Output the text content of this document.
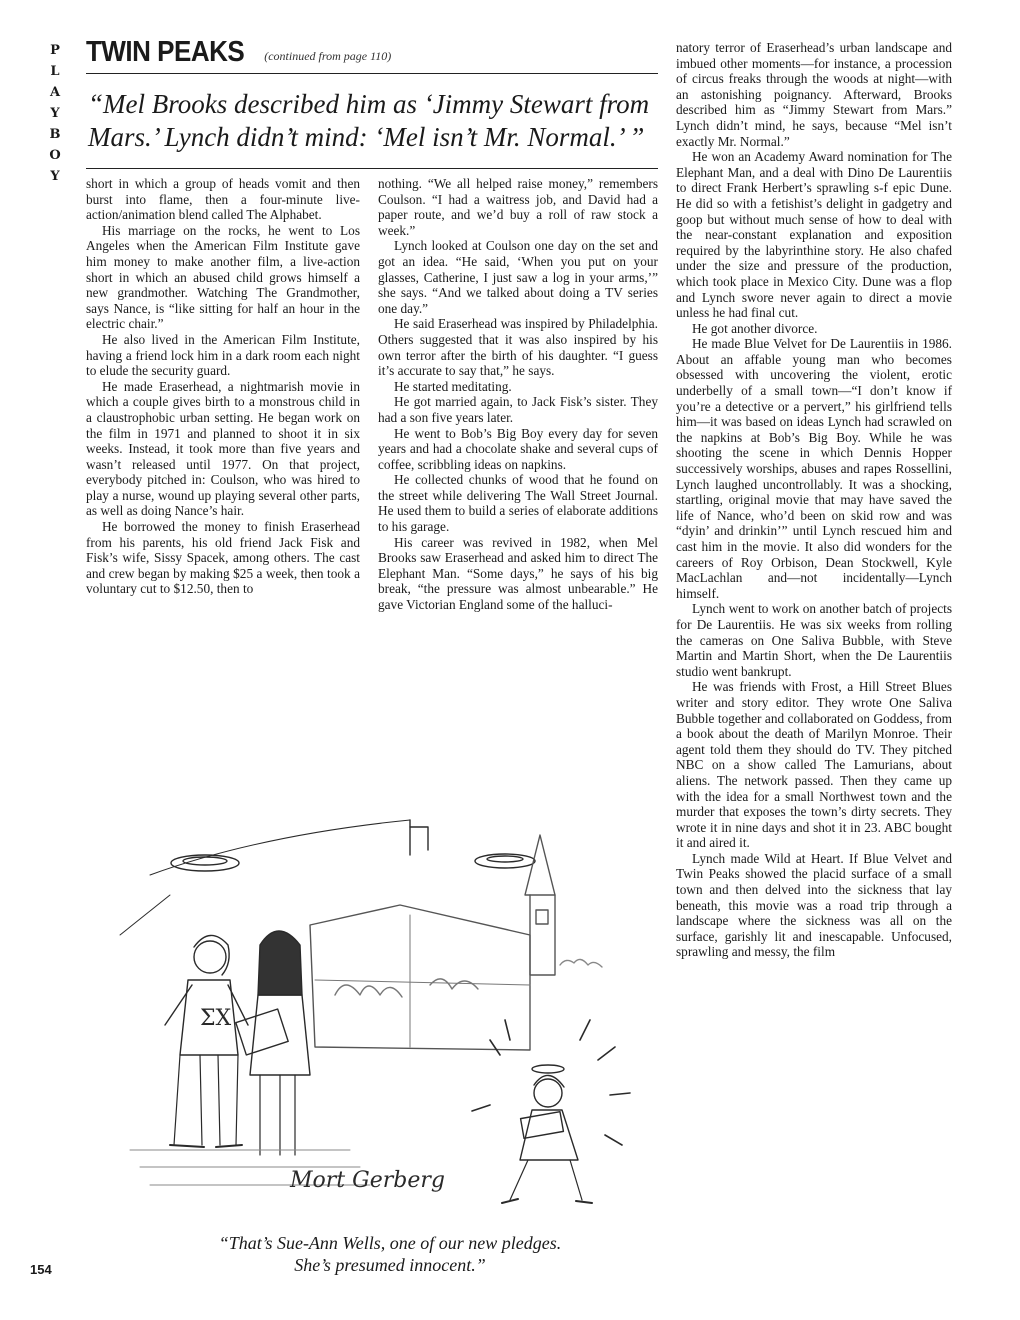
P
L
A
Y
B
O
Y
154
TWIN PEAKS (continued from page 110)
“Mel Brooks described him as ‘Jimmy Stewart from Mars.’ Lynch didn’t mind: ‘Mel isn’t Mr. Normal.’ ”

short in which a group of heads vomit and then burst into flame, then a four-minute live-action/animation blend called The Alphabet.

His marriage on the rocks, he went to Los Angeles when the American Film Institute gave him money to make another film, a live-action short in which an abused child grows himself a new grandmother. Watching The Grandmother, says Nance, is “like sitting for half an hour in the electric chair.”

He also lived in the American Film Institute, having a friend lock him in a dark room each night to elude the security guard.

He made Eraserhead, a nightmarish movie in which a couple gives birth to a monstrous child in a claustrophobic urban setting. He began work on the film in 1971 and planned to shoot it in six weeks. Instead, it took more than five years and wasn’t released until 1977. On that project, everybody pitched in: Coulson, who was hired to play a nurse, wound up playing several other parts, as well as doing Nance’s hair.

He borrowed the money to finish Eraserhead from his parents, his old friend Jack Fisk and Fisk’s wife, Sissy Spacek, among others. The cast and crew began by making $25 a week, then took a voluntary cut to $12.50, then to

nothing. “We all helped raise money,” remembers Coulson. “I had a waitress job, and David had a paper route, and we’d buy a roll of raw stock a week.”

Lynch looked at Coulson one day on the set and got an idea. “He said, ‘When you put on your glasses, Catherine, I just saw a log in your arms,’” she says. “And we talked about doing a TV series one day.”

He said Eraserhead was inspired by Philadelphia. Others suggested that it was also inspired by his own terror after the birth of his daughter. “I guess it’s accurate to say that,” he says.

He started meditating.

He got married again, to Jack Fisk’s sister. They had a son five years later.

He went to Bob’s Big Boy every day for seven years and had a chocolate shake and several cups of coffee, scribbling ideas on napkins.

He collected chunks of wood that he found on the street while delivering The Wall Street Journal. He used them to build a series of elaborate additions to his garage.

His career was revived in 1982, when Mel Brooks saw Eraserhead and asked him to direct The Elephant Man. “Some days,” he says of his big break, “the pressure was almost unbearable.” He gave Victorian England some of the halluci-

natory terror of Eraserhead’s urban landscape and imbued other moments—for instance, a procession of circus freaks through the woods at night—with an astonishing poignancy. Afterward, Brooks described him as “Jimmy Stewart from Mars.” Lynch didn’t mind, he says, because “Mel isn’t exactly Mr. Normal.”

He won an Academy Award nomination for The Elephant Man, and a deal with Dino De Laurentiis to direct Frank Herbert’s sprawling s-f epic Dune. He did so with a fetishist’s delight in gadgetry and goop but without much sense of how to deal with the near-constant explanation and exposition required by the labyrinthine story. He also chafed under the size and pressure of the production, which took place in Mexico City. Dune was a flop and Lynch swore never again to direct a movie unless he had final cut.

He got another divorce.

He made Blue Velvet for De Laurentiis in 1986. About an affable young man who becomes obsessed with uncovering the violent, erotic underbelly of a small town—“I don’t know if you’re a detective or a pervert,” his girlfriend tells him—it was based on ideas Lynch had scrawled on the napkins at Bob’s Big Boy. While he was shooting the scene in which Dennis Hopper successively worships, abuses and rapes Rossellini, Lynch laughed uncontrollably. It was a shocking, startling, original movie that may have saved the life of Nance, who’d been on skid row and was “dyin’ and drinkin’” until Lynch rescued him and cast him in the movie. It also did wonders for the careers of Roy Orbison, Dean Stockwell, Kyle MacLachlan and—not incidentally—Lynch himself.

Lynch went to work on another batch of projects for De Laurentiis. He was six weeks from rolling the cameras on One Saliva Bubble, with Steve Martin and Martin Short, when the De Laurentiis studio went bankrupt.

He was friends with Frost, a Hill Street Blues writer and story editor. They wrote One Saliva Bubble together and collaborated on Goddess, from a book about the death of Marilyn Monroe. Their agent told them they should do TV. They pitched NBC on a show called The Lamurians, about aliens. The network passed. Then they came up with the idea for a small Northwest town and the murder that exposes the town’s dirty secrets. They wrote it in nine days and shot it in 23. ABC bought it and aired it.

Lynch made Wild at Heart. If Blue Velvet and Twin Peaks showed the placid surface of a small town and then delved into the sickness that lay beneath, this movie was a road trip through a landscape where the sickness was all on the surface, garishly lit and inescapable. Unfocused, sprawling and messy, the film

ΣX
Mort Gerberg
“That’s Sue-Ann Wells, one of our new pledges.
She’s presumed innocent.”
